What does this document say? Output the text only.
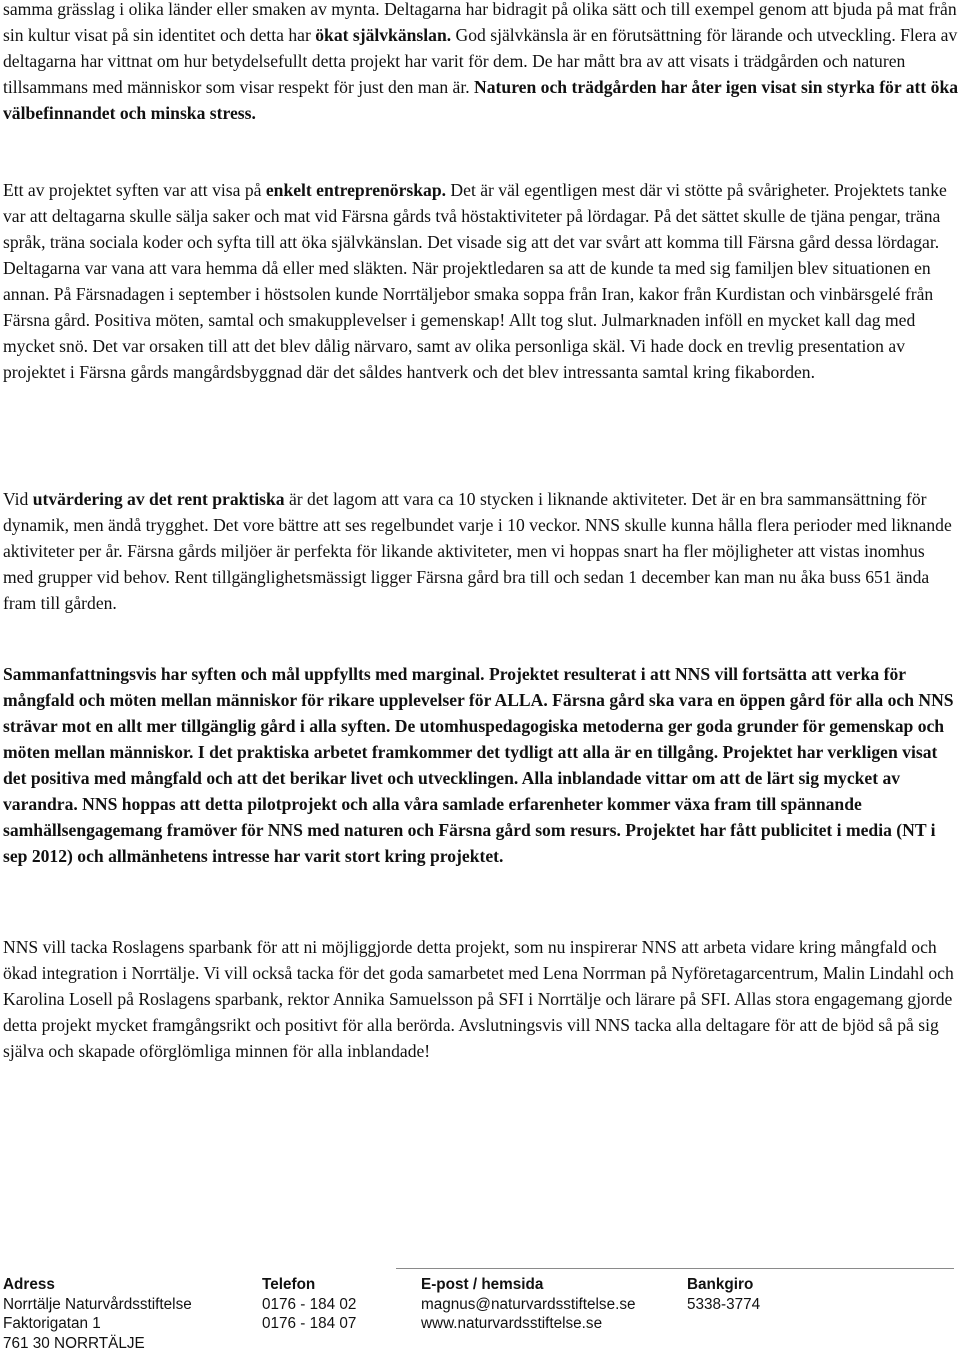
samma grässlag i olika länder eller smaken av mynta. Deltagarna har bidragit på olika sätt och till exempel genom att bjuda på mat från sin kultur visat på sin identitet och detta har ökat självkänslan. God självkänsla är en förutsättning för lärande och utveckling. Flera av deltagarna har vittnat om hur betydelsefullt detta projekt har varit för dem. De har mått bra av att visats i trädgården och naturen tillsammans med människor som visar respekt för just den man är. Naturen och trädgården har åter igen visat sin styrka för att öka välbefinnandet och minska stress.

Ett av projektet syften var att visa på enkelt entreprenörskap. Det är väl egentligen mest där vi stötte på svårigheter. Projektets tanke var att deltagarna skulle sälja saker och mat vid Färsna gårds två höstaktiviteter på lördagar. På det sättet skulle de tjäna pengar, träna språk, träna sociala koder och syfta till att öka självkänslan. Det visade sig att det var svårt att komma till Färsna gård dessa lördagar. Deltagarna var vana att vara hemma då eller med släkten. När projektledaren sa att de kunde ta med sig familjen blev situationen en annan. På Färsnadagen i september i höstsolen kunde Norrtäljebor smaka soppa från Iran, kakor från Kurdistan och vinbärsgelé från Färsna gård. Positiva möten, samtal och smakupplevelser i gemenskap! Allt tog slut. Julmarknaden inföll en mycket kall dag med mycket snö. Det var orsaken till att det blev dålig närvaro, samt av olika personliga skäl. Vi hade dock en trevlig presentation av projektet i Färsna gårds mangårdsbyggnad där det såldes hantverk och det blev intressanta samtal kring fikaborden.

Vid utvärdering av det rent praktiska är det lagom att vara ca 10 stycken i liknande aktiviteter. Det är en bra sammansättning för dynamik, men ändå trygghet. Det vore bättre att ses regelbundet varje i 10 veckor. NNS skulle kunna hålla flera perioder med liknande aktiviteter per år. Färsna gårds miljöer är perfekta för likande aktiviteter, men vi hoppas snart ha fler möjligheter att vistas inomhus med grupper vid behov. Rent tillgänglighetsmässigt ligger Färsna gård bra till och sedan 1 december kan man nu åka buss 651 ända fram till gården.

Sammanfattningsvis har syften och mål uppfyllts med marginal. Projektet resulterat i att NNS vill fortsätta att verka för mångfald och möten mellan människor för rikare upplevelser för ALLA. Färsna gård ska vara en öppen gård för alla och NNS strävar mot en allt mer tillgänglig gård i alla syften. De utomhuspedagogiska metoderna ger goda grunder för gemenskap och möten mellan människor. I det praktiska arbetet framkommer det tydligt att alla är en tillgång. Projektet har verkligen visat det positiva med mångfald och att det berikar livet och utvecklingen. Alla inblandade vittar om att de lärt sig mycket av varandra. NNS hoppas att detta pilotprojekt och alla våra samlade erfarenheter kommer växa fram till spännande samhällsengagemang framöver för NNS med naturen och Färsna gård som resurs. Projektet har fått publicitet i media (NT i sep 2012) och allmänhetens intresse har varit stort kring projektet.

NNS vill tacka Roslagens sparbank för att ni möjliggjorde detta projekt, som nu inspirerar NNS att arbeta vidare kring mångfald och ökad integration i Norrtälje. Vi vill också tacka för det goda samarbetet med Lena Norrman på Nyföretagarcentrum, Malin Lindahl och Karolina Losell på Roslagens sparbank, rektor Annika Samuelsson på SFI i Norrtälje och lärare på SFI. Allas stora engagemang gjorde detta projekt mycket framgångsrikt och positivt för alla berörda. Avslutningsvis vill NNS tacka alla deltagare för att de bjöd så på sig själva och skapade oförglömliga minnen för alla inblandade!

Adress
Norrtälje Naturvårdsstiftelse
Faktorigatan 1
761 30 NORRTÄLJE
Telefon
0176 - 184 02
0176 - 184 07
E-post / hemsida
magnus@naturvardsstiftelse.se
www.naturvardsstiftelse.se
Bankgiro
5338-3774
